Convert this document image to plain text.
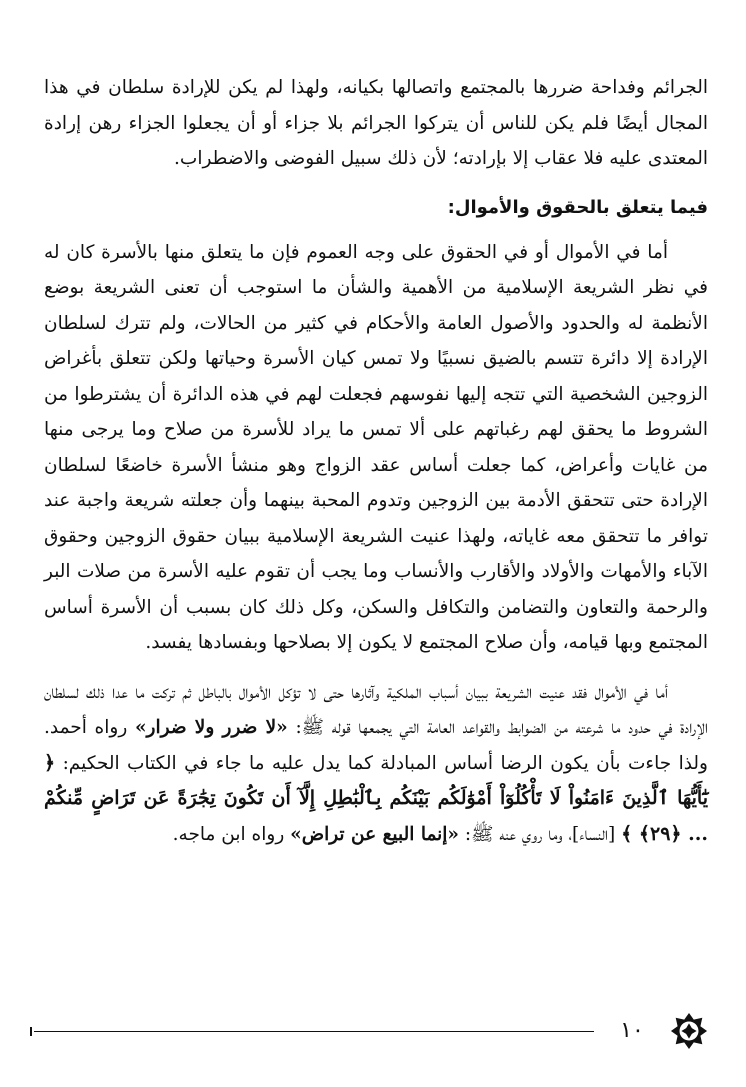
الجرائم وفداحة ضررها بالمجتمع واتصالها بكيانه، ولهذا لم يكن للإرادة سلطان في هذا المجال أيضًا فلم يكن للناس أن يتركوا الجرائم بلا جزاء أو أن يجعلوا الجزاء رهن إرادة المعتدى عليه فلا عقاب إلا بإرادته؛ لأن ذلك سبيل الفوضى والاضطراب.

فيما يتعلق بالحقوق والأموال:

أما في الأموال أو في الحقوق على وجه العموم فإن ما يتعلق منها بالأسرة كان له في نظر الشريعة الإسلامية من الأهمية والشأن ما استوجب أن تعنى الشريعة بوضع الأنظمة له والحدود والأصول العامة والأحكام في كثير من الحالات، ولم تترك لسلطان الإرادة إلا دائرة تتسم بالضيق نسبيًا ولا تمس كيان الأسرة وحياتها ولكن تتعلق بأغراض الزوجين الشخصية التي تتجه إليها نفوسهم فجعلت لهم في هذه الدائرة أن يشترطوا من الشروط ما يحقق لهم رغباتهم على ألا تمس ما يراد للأسرة من صلاح وما يرجى منها من غايات وأعراض، كما جعلت أساس عقد الزواج وهو منشأ الأسرة خاضعًا لسلطان الإرادة حتى تتحقق الأدمة بين الزوجين وتدوم المحبة بينهما وأن جعلته شريعة واجبة عند توافر ما تتحقق معه غاياته، ولهذا عنيت الشريعة الإسلامية ببيان حقوق الزوجين وحقوق الآباء والأمهات والأولاد والأقارب والأنساب وما يجب أن تقوم عليه الأسرة من صلات البر والرحمة والتعاون والتضامن والتكافل والسكن، وكل ذلك كان بسبب أن الأسرة أساس المجتمع وبها قيامه، وأن صلاح المجتمع لا يكون إلا بصلاحها وبفسادها يفسد.

أما في الأموال فقد عنيت الشريعة ببيان أسباب الملكية وآثارها حتى لا تؤكل الأموال بالباطل ثم تركت ما عدا ذلك لسلطان الإرادة في حدود ما شرعته من الضوابط والقواعد العامة التي يجمعها قوله ﷺ: «لا ضرر ولا ضرار» رواه أحمد. ولذا جاءت بأن يكون الرضا أساس المبادلة كما يدل عليه ما جاء في الكتاب الحكيم: ﴿ يَٰٓأَيُّهَا ٱلَّذِينَ ءَامَنُواْ لَا تَأْكُلُوٓاْ أَمْوَٰلَكُم بَيْنَكُم بِٱلْبَٰطِلِ إِلَّآ أَن تَكُونَ تِجَٰرَةً عَن تَرَاضٍ مِّنكُمْ ... ﴿٢٩﴾ ﴾ [النساء]، وما روي عنه ﷺ: «إنما البيع عن تراض» رواه ابن ماجه.

١٠
